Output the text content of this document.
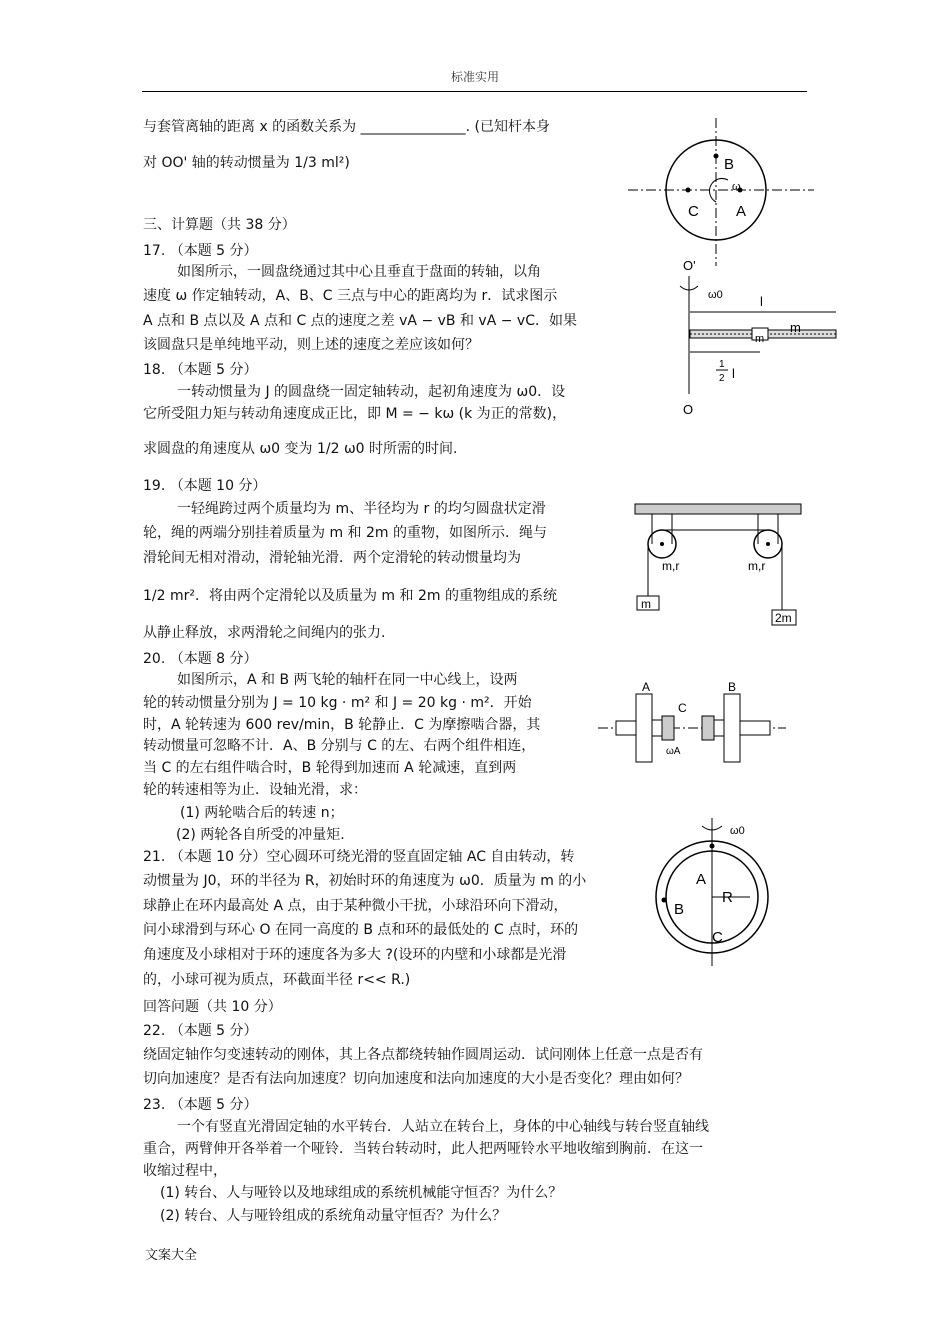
标准实用
与套管离轴的距离 x 的函数关系为 _______________. (已知杆本身
对 OO' 轴的转动惯量为 1/3 ml²)
三、计算题（共 38 分）
17. （本题 5 分）
如图所示，一圆盘绕通过其中心且垂直于盘面的转轴，以角
速度 ω 作定轴转动，A、B、C 三点与中心的距离均为 r．试求图示
A 点和 B 点以及 A 点和 C 点的速度之差 vA − vB 和 vA − vC．如果
该圆盘只是单纯地平动，则上述的速度之差应该如何？
18. （本题 5 分）
一转动惯量为 J 的圆盘绕一固定轴转动，起初角速度为 ω0．设
它所受阻力矩与转动角速度成正比，即 M = − kω (k 为正的常数)，
求圆盘的角速度从 ω0 变为 1/2 ω0 时所需的时间.
19. （本题 10 分）
一轻绳跨过两个质量均为 m、半径均为 r 的均匀圆盘状定滑
轮，绳的两端分别挂着质量为 m 和 2m 的重物，如图所示．绳与
滑轮间无相对滑动，滑轮轴光滑．两个定滑轮的转动惯量均为
1/2 mr²．将由两个定滑轮以及质量为 m 和 2m 的重物组成的系统
从静止释放，求两滑轮之间绳内的张力.
20. （本题 8 分）
如图所示，A 和 B 两飞轮的轴杆在同一中心线上，设两
轮的转动惯量分别为 J = 10 kg · m² 和 J = 20 kg · m²．开始
时，A 轮转速为 600 rev/min，B 轮静止．C 为摩擦啮合器，其
转动惯量可忽略不计．A、B 分别与 C 的左、右两个组件相连，
当 C 的左右组件啮合时，B 轮得到加速而 A 轮减速，直到两
轮的转速相等为止．设轴光滑，求：
(1) 两轮啮合后的转速 n；
(2) 两轮各自所受的冲量矩.
21. （本题 10 分）空心圆环可绕光滑的竖直固定轴 AC 自由转动，转
动惯量为 J0，环的半径为 R，初始时环的角速度为 ω0．质量为 m 的小
球静止在环内最高处 A 点，由于某种微小干扰，小球沿环向下滑动，
问小球滑到与环心 O 在同一高度的 B 点和环的最低处的 C 点时，环的
角速度及小球相对于环的速度各为多大 ?(设环的内壁和小球都是光滑
的，小球可视为质点，环截面半径 r<< R.)
回答问题（共 10 分）
22. （本题 5 分）
绕固定轴作匀变速转动的刚体，其上各点都绕转轴作圆周运动．试问刚体上任意一点是否有
切向加速度？是否有法向加速度？切向加速度和法向加速度的大小是否变化？理由如何？
23. （本题 5 分）
一个有竖直光滑固定轴的水平转台．人站立在转台上，身体的中心轴线与转台竖直轴线
重合，两臂伸开各举着一个哑铃．当转台转动时，此人把两哑铃水平地收缩到胸前．在这一
收缩过程中，
(1) 转台、人与哑铃以及地球组成的系统机械能守恒否？为什么？
(2) 转台、人与哑铃组成的系统角动量守恒否？为什么？
B
C A
ω
O'
ω0	l
m
m
1
2 l
O
m,r	m,r
m
2m
A	B
C
ωA
ω0
A
R
B
C
文案大全
